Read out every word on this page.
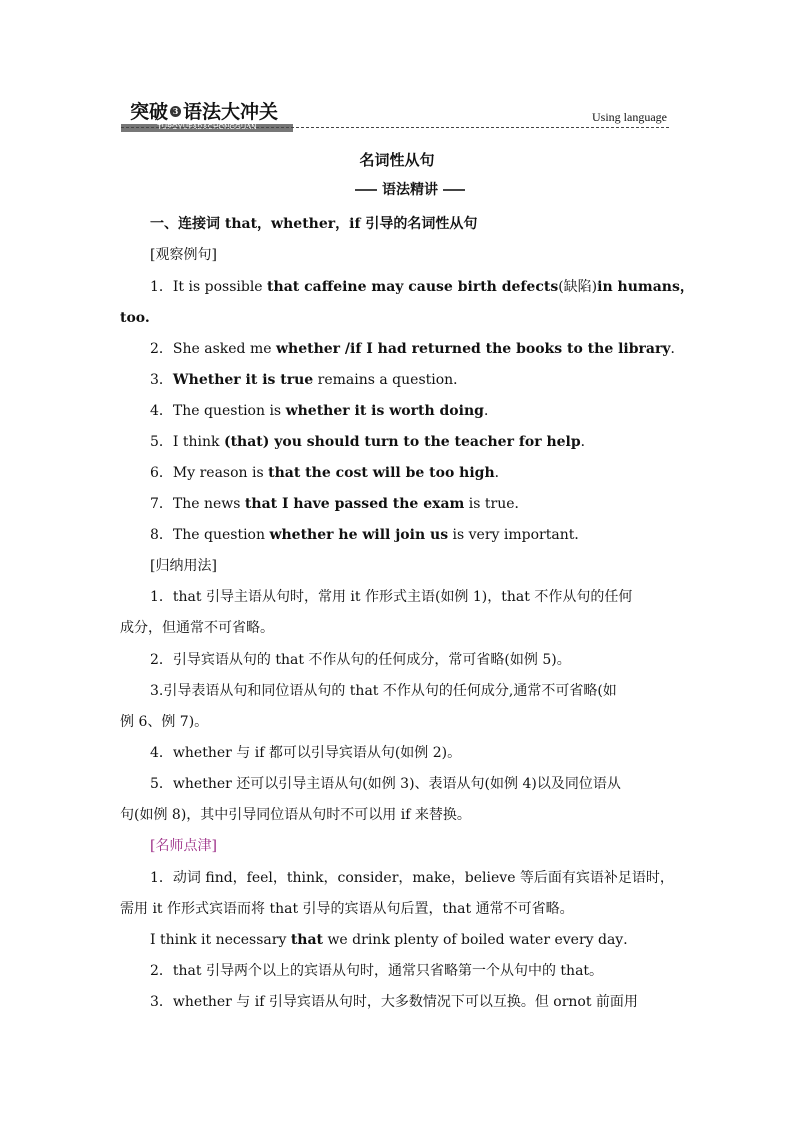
突破 3 语法大冲关
TUPOYUFADACHONGGUAN
Using language
名词性从句
语法精讲
一、连接词 that，whether，if 引导的名词性从句
[观察例句]
1．It is possible that caffeine may cause birth defects(缺陷)in humans，
too.
2．She asked me whether /if I had returned the books to the library．
3．Whether it is true remains a question．
4．The question is whether it is worth doing．
5．I think (that) you should turn to the teacher for help．
6．My reason is that the cost will be too high．
7．The news that I have passed the exam is true．
8．The question whether he will join us is very important．
[归纳用法]
1．that 引导主语从句时，常用 it 作形式主语(如例 1)，that 不作从句的任何
成分，但通常不可省略。
2．引导宾语从句的 that 不作从句的任何成分，常可省略(如例 5)。
3.引导表语从句和同位语从句的 that 不作从句的任何成分,通常不可省略(如
例 6、例 7)。
4．whether 与 if 都可以引导宾语从句(如例 2)。
5．whether 还可以引导主语从句(如例 3)、表语从句(如例 4)以及同位语从
句(如例 8)，其中引导同位语从句时不可以用 if 来替换。
[名师点津]
1．动词 find，feel，think，consider，make，believe 等后面有宾语补足语时，
需用 it 作形式宾语而将 that 引导的宾语从句后置，that 通常不可省略。
I think it necessary that we drink plenty of boiled water every day．
2．that 引导两个以上的宾语从句时，通常只省略第一个从句中的 that。
3．whether 与 if 引导宾语从句时，大多数情况下可以互换。但 ornot 前面用
